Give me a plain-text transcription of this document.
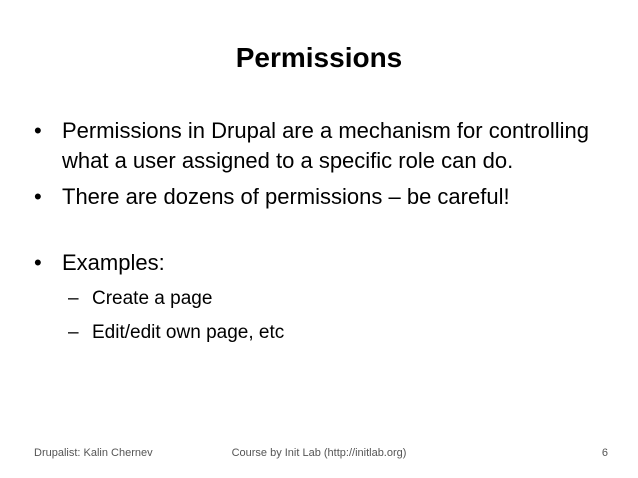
Permissions

• Permissions in Drupal are a mechanism for controlling what a user assigned to a specific role can do.

• There are dozens of permissions – be careful!

• Examples:

– Create a page
– Edit/edit own page, etc
Drupalist: Kalin Chernev	Course by Init Lab (http://initlab.org)	6
